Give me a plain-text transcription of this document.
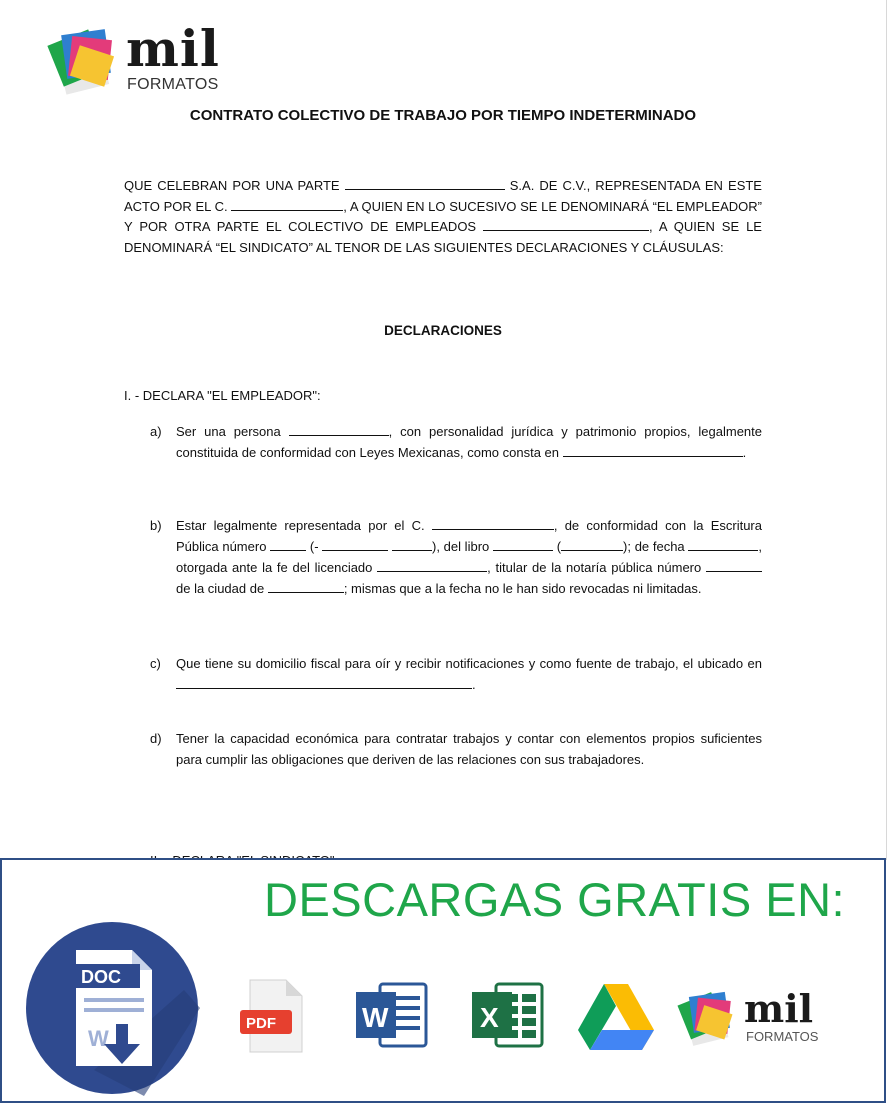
mil
FORMATOS
CONTRATO COLECTIVO DE TRABAJO POR TIEMPO INDETERMINADO
QUE CELEBRAN POR UNA PARTE	S.A. DE C.V., REPRESENTADA EN ESTE ACTO POR EL C.	, A QUIEN EN LO SUCESIVO SE LE DENOMINARÁ “EL EMPLEADOR” Y POR OTRA PARTE EL COLECTIVO DE EMPLEADOS	, A QUIEN SE LE DENOMINARÁ “EL SINDICATO” AL TENOR DE LAS SIGUIENTES DECLARACIONES Y CLÁUSULAS:
DECLARACIONES
I. - DECLARA "EL EMPLEADOR":
a) Ser una persona	, con personalidad jurídica y patrimonio propios, legalmente constituida de conformidad con Leyes Mexicanas, como consta en	.
b) Estar legalmente representada por el C.	, de conformidad con la Escritura Pública número	(-	), del libro	(	); de fecha	, otorgada ante la fe del licenciado	, titular de la notaría pública número  de la ciudad de	; mismas que a la fecha no le han sido revocadas ni limitadas.
c) Que tiene su domicilio fiscal para oír y recibir notificaciones y como fuente de trabajo, el ubicado en .
d) Tener la capacidad económica para contratar trabajos y contar con elementos propios suficientes para cumplir las obligaciones que deriven de las relaciones con sus trabajadores.
DESCARGAS GRATIS EN:
DOC
W
PDF	W	X	mil
FORMATOS
